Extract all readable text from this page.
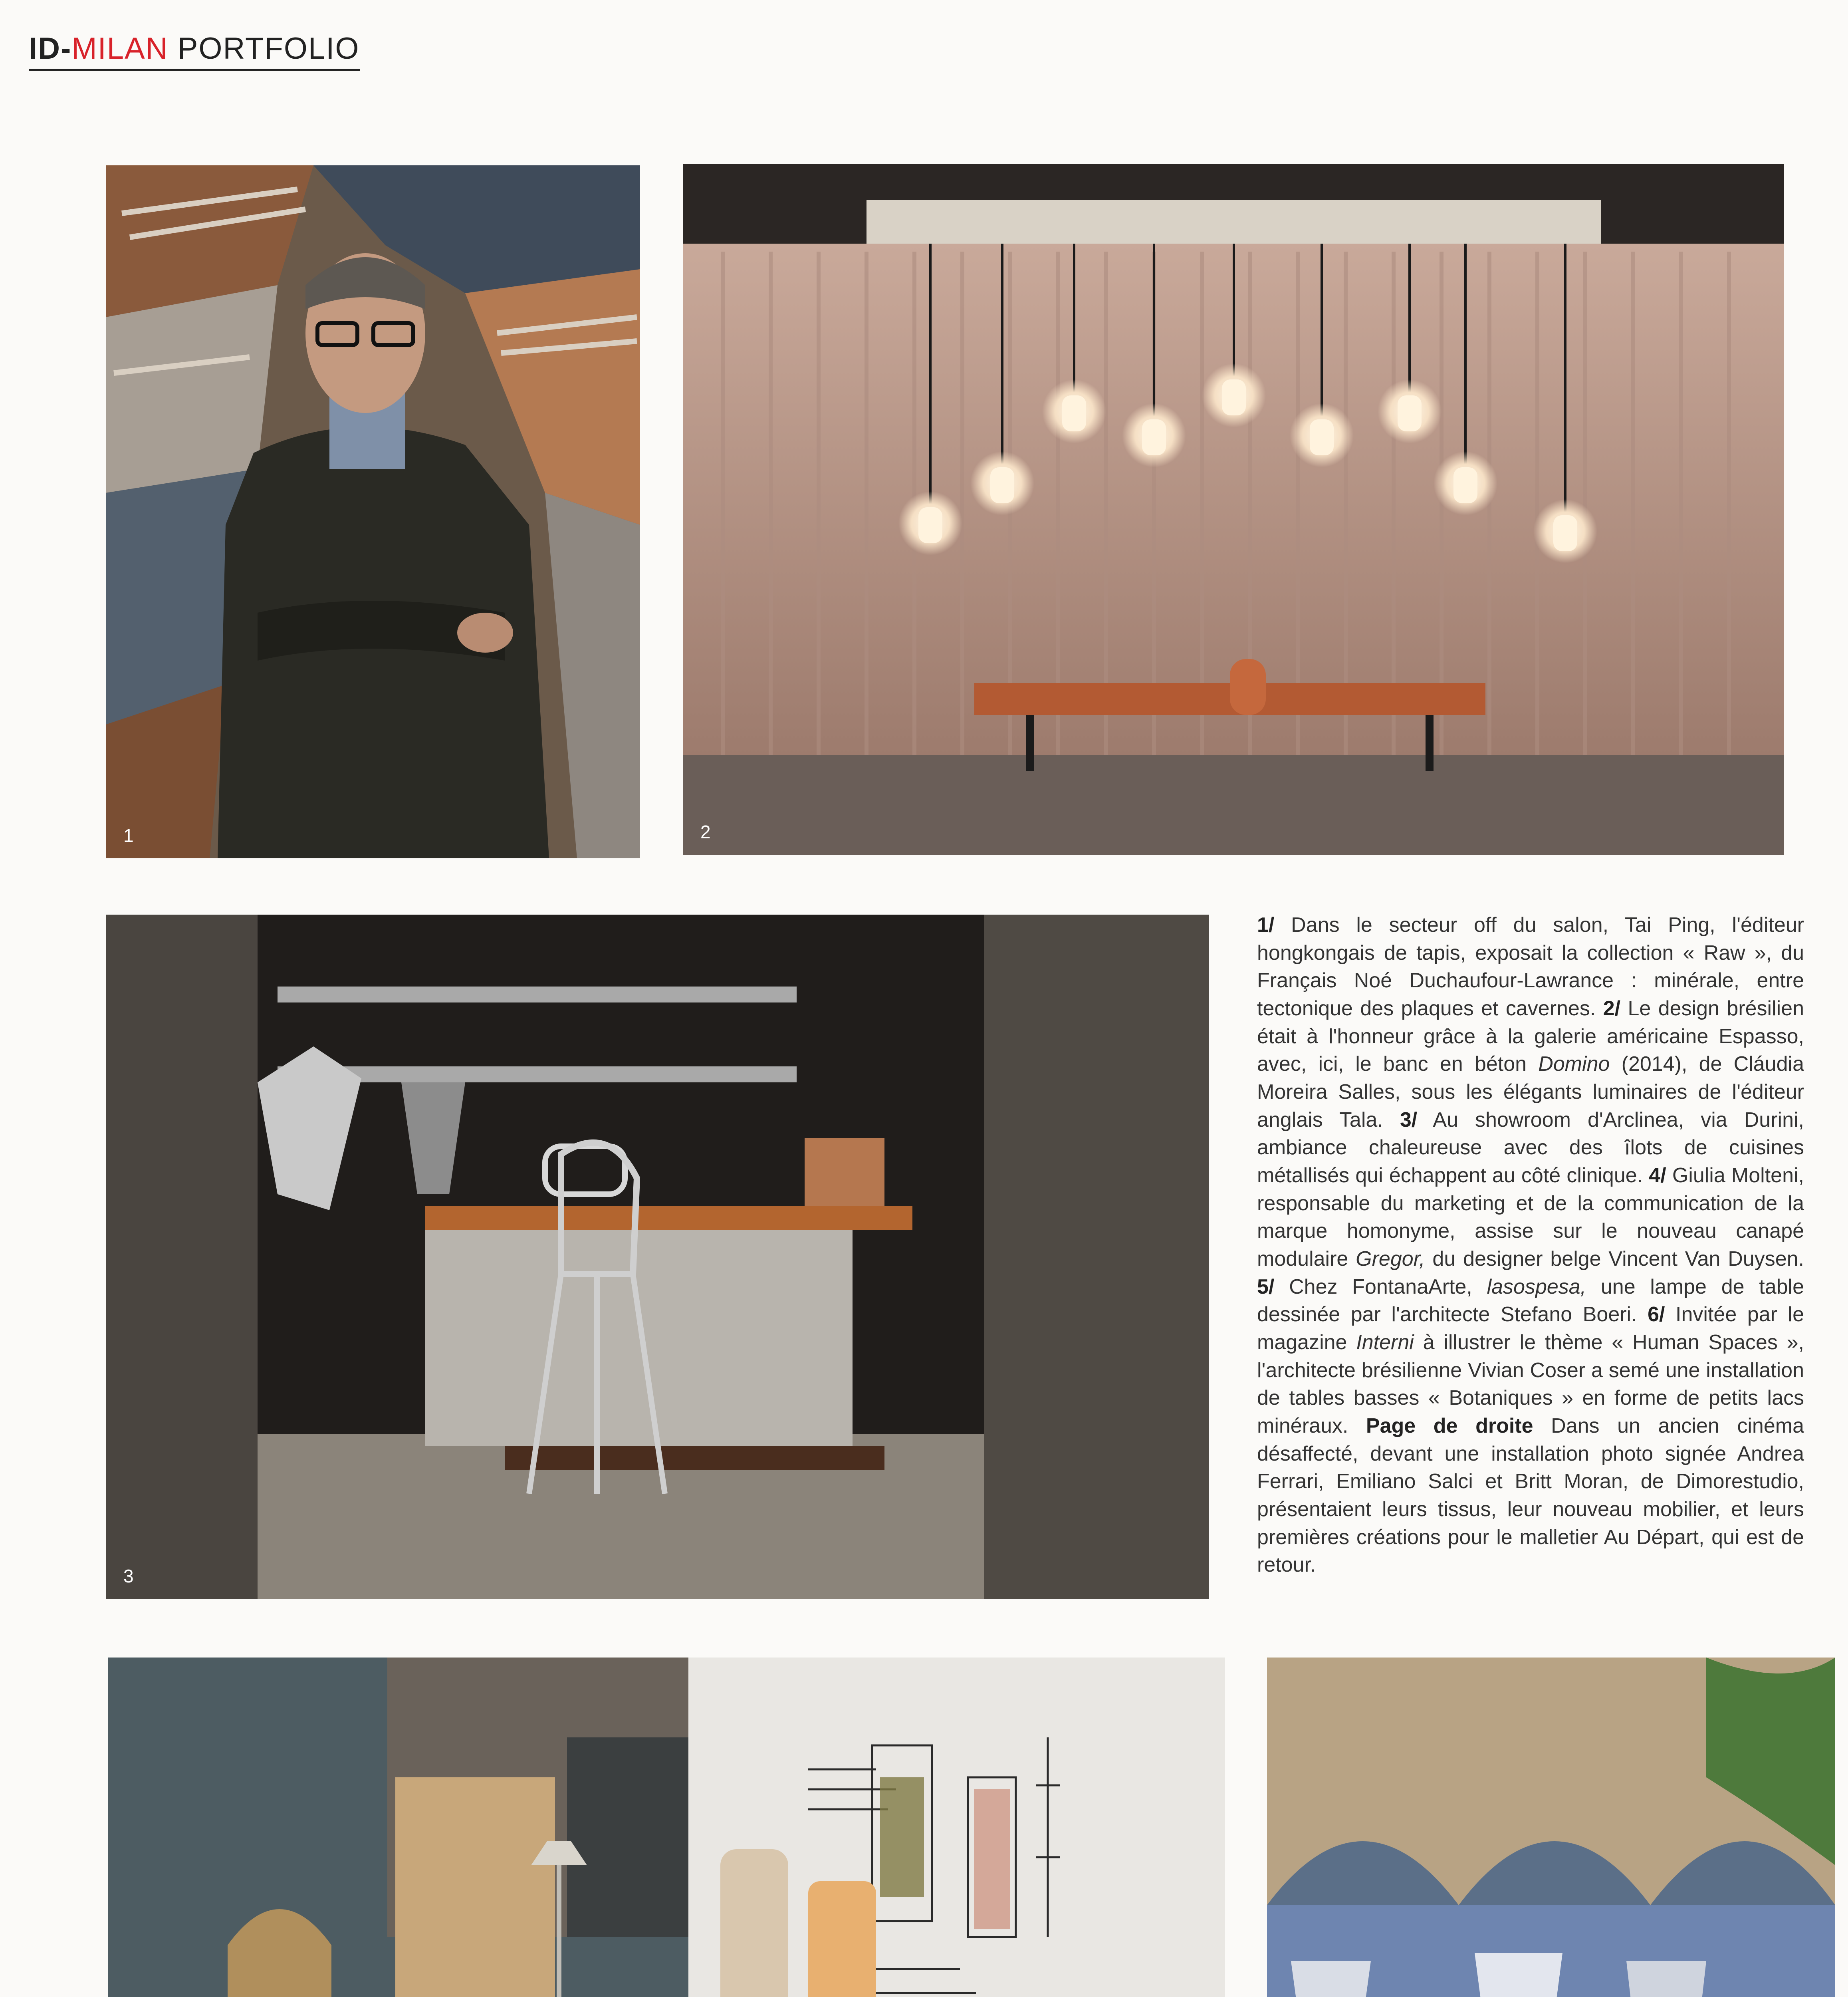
ID-MILAN PORTFOLIO
1	2
3

1/ Dans le secteur off du salon, Tai Ping, l'éditeur hongkongais de tapis, exposait la collection « Raw », du Français Noé Duchaufour-Lawrance : minérale, entre tectonique des plaques et cavernes.

2/ Le design brésilien était à l'honneur grâce à la galerie américaine Espasso, avec, ici, le banc en béton Domino (2014), de Cláudia Moreira Salles, sous les élégants luminaires de l'éditeur anglais Tala.

3/ Au showroom d'Arclinea, via Durini, ambiance chaleureuse avec des îlots de cuisines métallisés qui échappent au côté clinique.

4/ Giulia Molteni, responsable du marketing et de la communication de la marque homonyme, assise sur le nouveau canapé modulaire Gregor, du designer belge Vincent Van Duysen.

5/ Chez FontanaArte, lasospesa, une lampe de table dessinée par l'architecte Stefano Boeri.

6/ Invitée par le magazine Interni à illustrer le thème « Human Spaces », l'architecte brésilienne Vivian Coser a semé une installation de tables basses « Botaniques » en forme de petits lacs minéraux.

Page de droite Dans un ancien cinéma désaffecté, devant une installation photo signée Andrea Ferrari, Emiliano Salci et Britt Moran, de Dimorestudio, présentaient leurs tissus, leur nouveau mobilier, et leurs premières créations pour le malletier Au Départ, qui est de retour.
